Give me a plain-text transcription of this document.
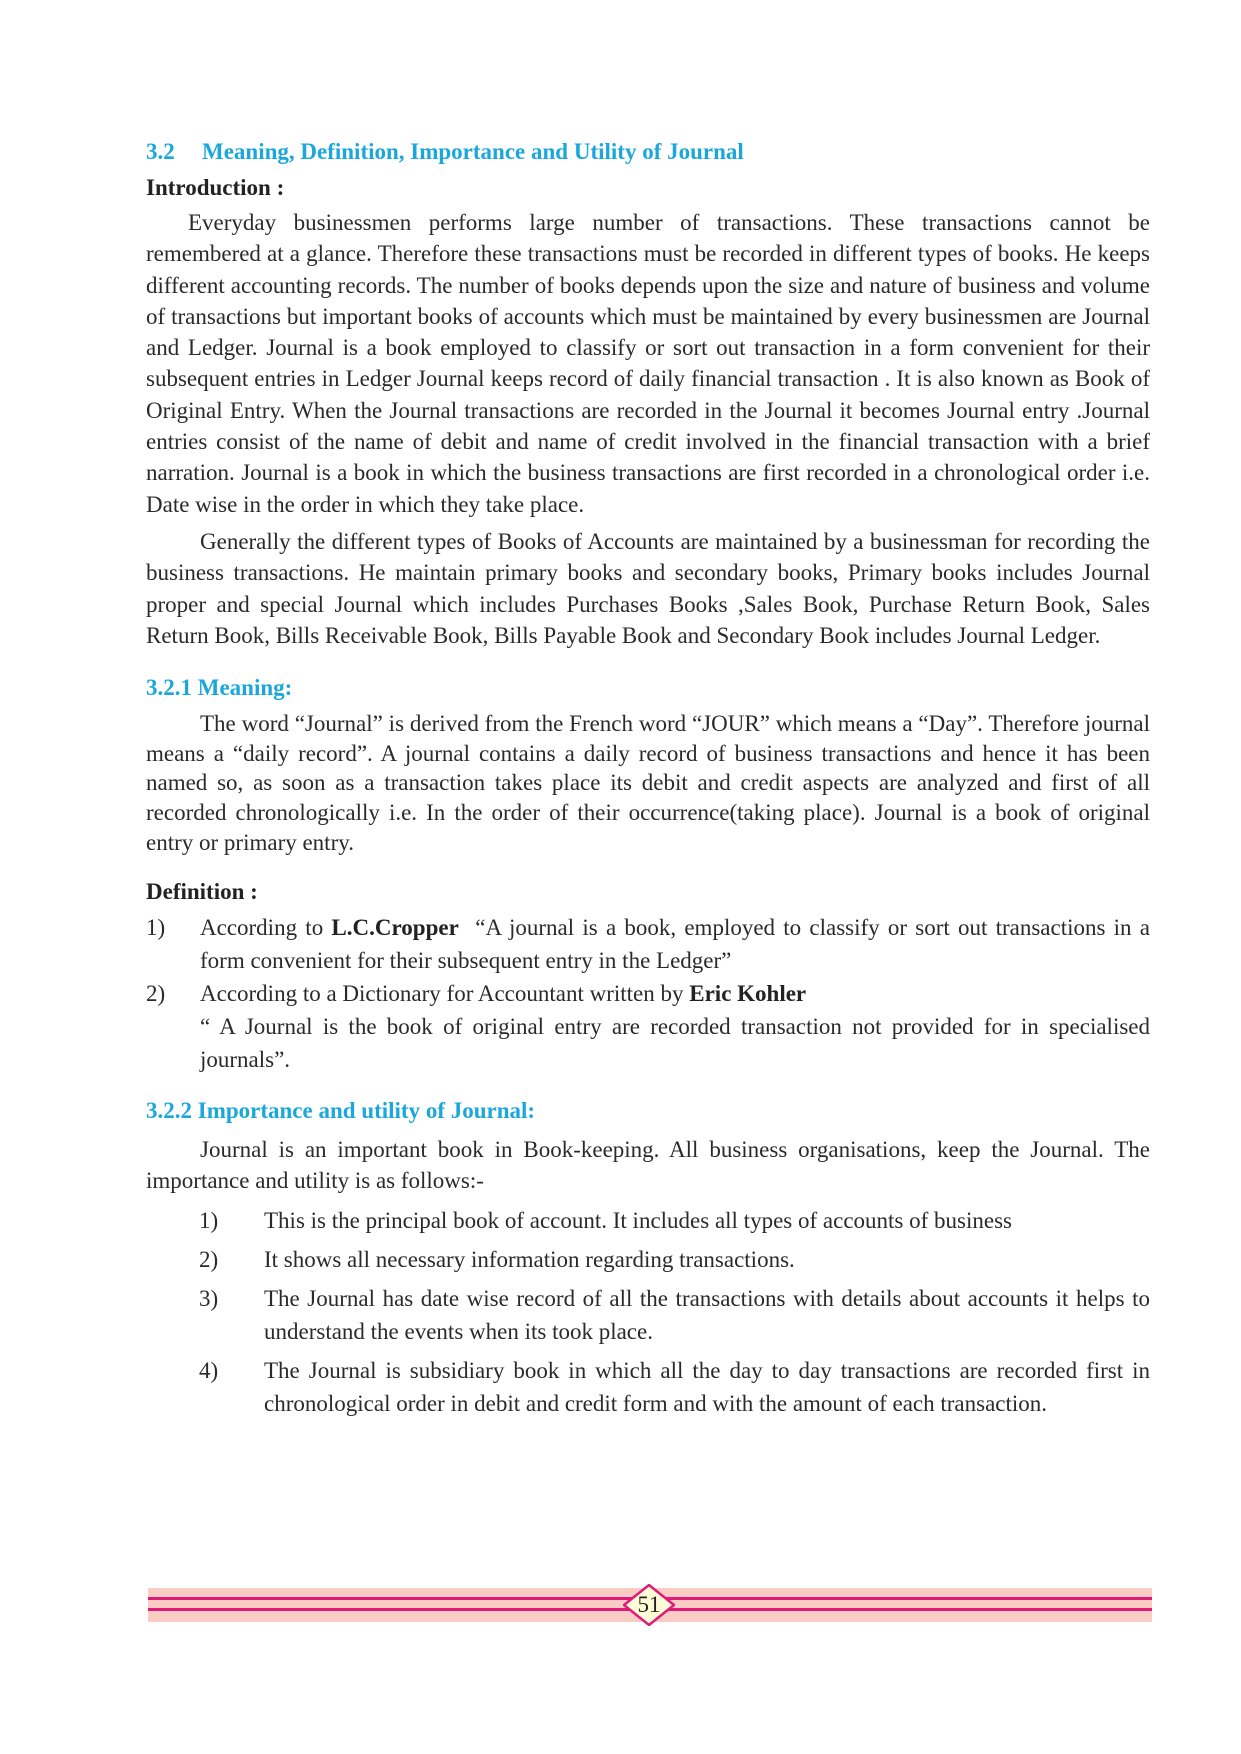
3.2 Meaning, Definition, Importance and Utility of Journal
Introduction :

Everyday businessmen performs large number of transactions. These transactions cannot be remembered at a glance. Therefore these transactions must be recorded in different types of books. He keeps different accounting records. The number of books depends upon the size and nature of business and volume of transactions but important books of accounts which must be maintained by every businessmen are Journal and Ledger. Journal is a book employed to classify or sort out transaction in a form convenient for their subsequent entries in Ledger Journal keeps record of daily financial transaction . It is also known as Book of Original Entry. When the Journal transactions are recorded in the Journal it becomes Journal entry .Journal entries consist of the name of debit and name of credit involved in the financial transaction with a brief narration. Journal is a book in which the business transactions are first recorded in a chronological order i.e. Date wise in the order in which they take place.

Generally the different types of Books of Accounts are maintained by a businessman for recording the business transactions. He maintain primary books and secondary books, Primary books includes Journal proper and special Journal which includes Purchases Books ,Sales Book, Purchase Return Book, Sales Return Book, Bills Receivable Book, Bills Payable Book and Secondary Book includes Journal Ledger.

3.2.1 Meaning:

The word “Journal” is derived from the French word “JOUR” which means a “Day”. Therefore journal means a “daily record”. A journal contains a daily record of business transactions and hence it has been named so, as soon as a transaction takes place its debit and credit aspects are analyzed and first of all recorded chronologically i.e. In the order of their occurrence(taking place). Journal is a book of original entry or primary entry.

Definition :
1) According to L.C.Cropper  “A journal is a book, employed to classify or sort out transactions in a form convenient for their subsequent entry in the Ledger”
2) According to a Dictionary for Accountant written by Eric Kohler
“ A Journal is the book of original entry are recorded transaction not provided for in specialised journals”.
3.2.2 Importance and utility of Journal:

Journal is an important book in Book-keeping. All business organisations, keep the Journal. The importance and utility is as follows:-

1) This is the principal book of account. It includes all types of accounts of business
2) It shows all necessary information regarding transactions.
3) The Journal has date wise record of all the transactions with details about accounts it helps to understand the events when its took place.
4) The Journal is subsidiary book in which all the day to day transactions are recorded first in chronological order in debit and credit form and with the amount of each transaction.
51
